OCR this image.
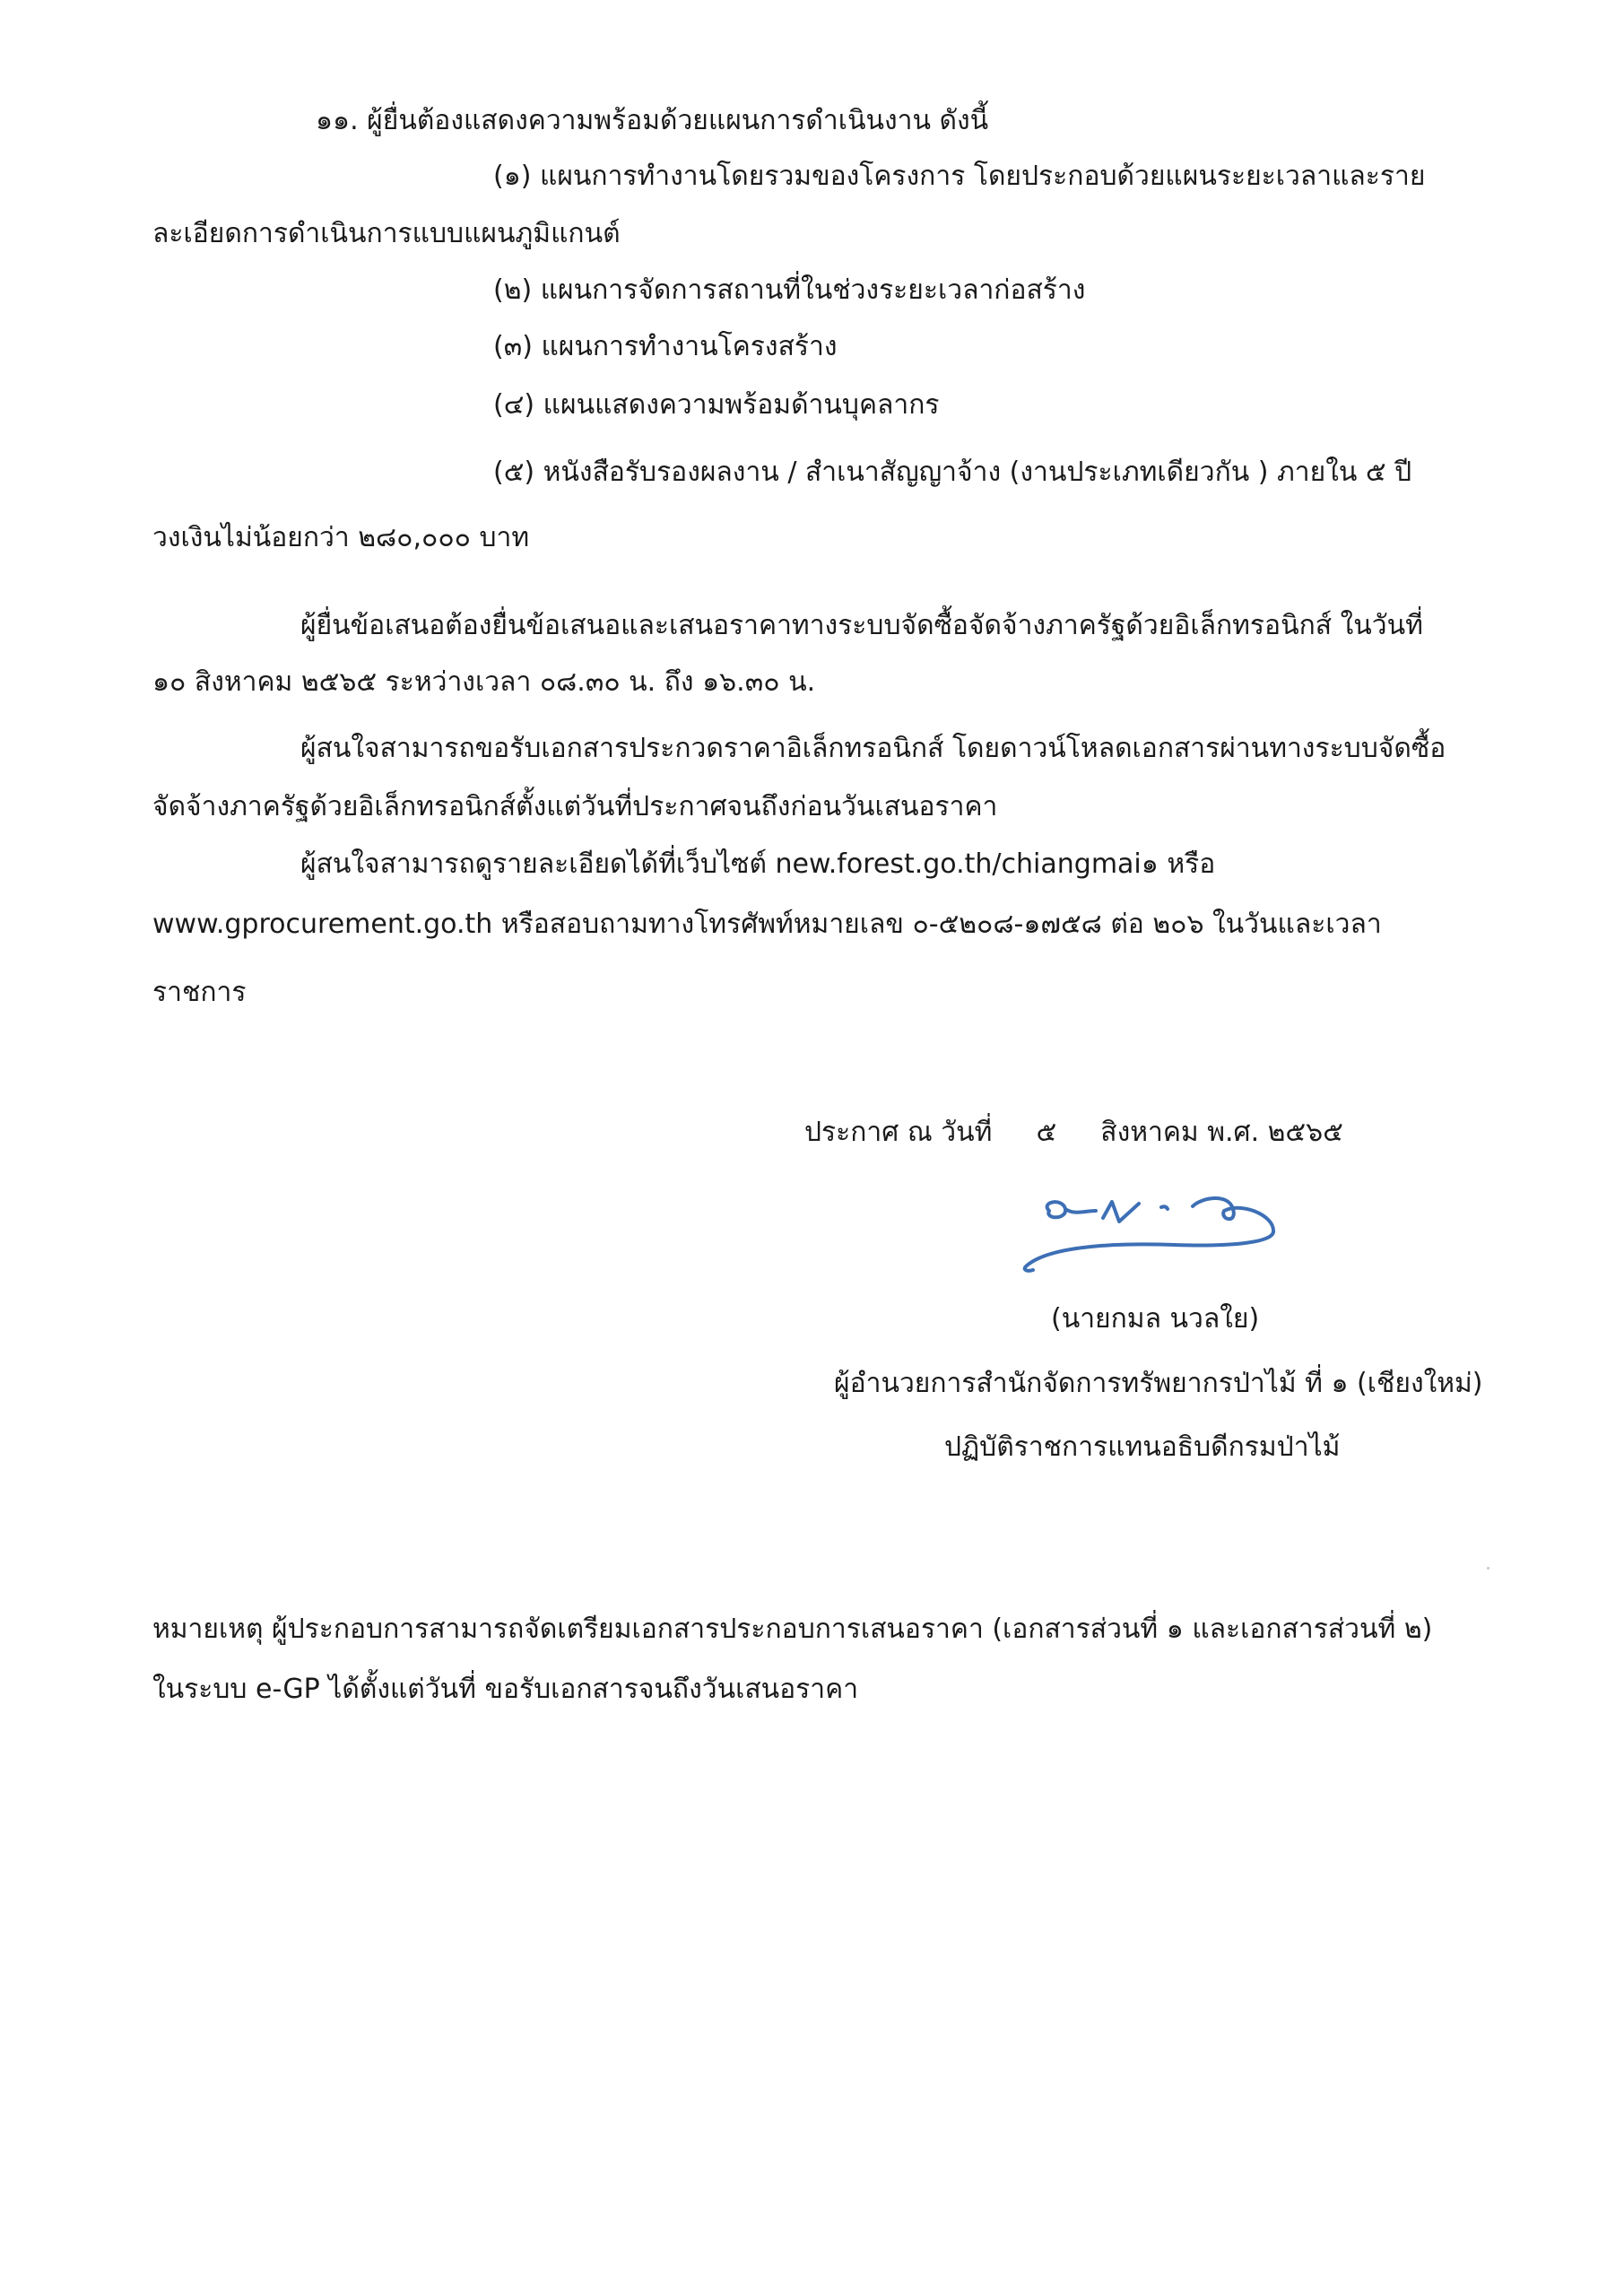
๑๑. ผู้ยื่นต้องแสดงความพร้อมด้วยแผนการดำเนินงาน ดังนี้
(๑) แผนการทำงานโดยรวมของโครงการ โดยประกอบด้วยแผนระยะเวลาและราย
ละเอียดการดำเนินการแบบแผนภูมิแกนต์
(๒) แผนการจัดการสถานที่ในช่วงระยะเวลาก่อสร้าง
(๓) แผนการทำงานโครงสร้าง
(๔) แผนแสดงความพร้อมด้านบุคลากร
(๕) หนังสือรับรองผลงาน / สำเนาสัญญาจ้าง (งานประเภทเดียวกัน ) ภายใน ๕ ปี
วงเงินไม่น้อยกว่า ๒๘๐,๐๐๐ บาท
ผู้ยื่นข้อเสนอต้องยื่นข้อเสนอและเสนอราคาทางระบบจัดซื้อจัดจ้างภาครัฐด้วยอิเล็กทรอนิกส์ ในวันที่
๑๐ สิงหาคม ๒๕๖๕ ระหว่างเวลา ๐๘.๓๐ น. ถึง ๑๖.๓๐ น.
ผู้สนใจสามารถขอรับเอกสารประกวดราคาอิเล็กทรอนิกส์ โดยดาวน์โหลดเอกสารผ่านทางระบบจัดซื้อ
จัดจ้างภาครัฐด้วยอิเล็กทรอนิกส์ตั้งแต่วันที่ประกาศจนถึงก่อนวันเสนอราคา
ผู้สนใจสามารถดูรายละเอียดได้ที่เว็บไซต์ new.forest.go.th/chiangmai๑ หรือ
www.gprocurement.go.th หรือสอบถามทางโทรศัพท์หมายเลข ๐-๕๒๐๘-๑๗๕๘ ต่อ ๒๐๖ ในวันและเวลา
ราชการ
ประกาศ ณ วันที่ ๕ สิงหาคม พ.ศ. ๒๕๖๕
(นายกมล นวลใย)
ผู้อำนวยการสำนักจัดการทรัพยากรป่าไม้ ที่ ๑ (เชียงใหม่)
ปฏิบัติราชการแทนอธิบดีกรมป่าไม้
หมายเหตุ ผู้ประกอบการสามารถจัดเตรียมเอกสารประกอบการเสนอราคา (เอกสารส่วนที่ ๑ และเอกสารส่วนที่ ๒)
ในระบบ e-GP ได้ตั้งแต่วันที่ ขอรับเอกสารจนถึงวันเสนอราคา
